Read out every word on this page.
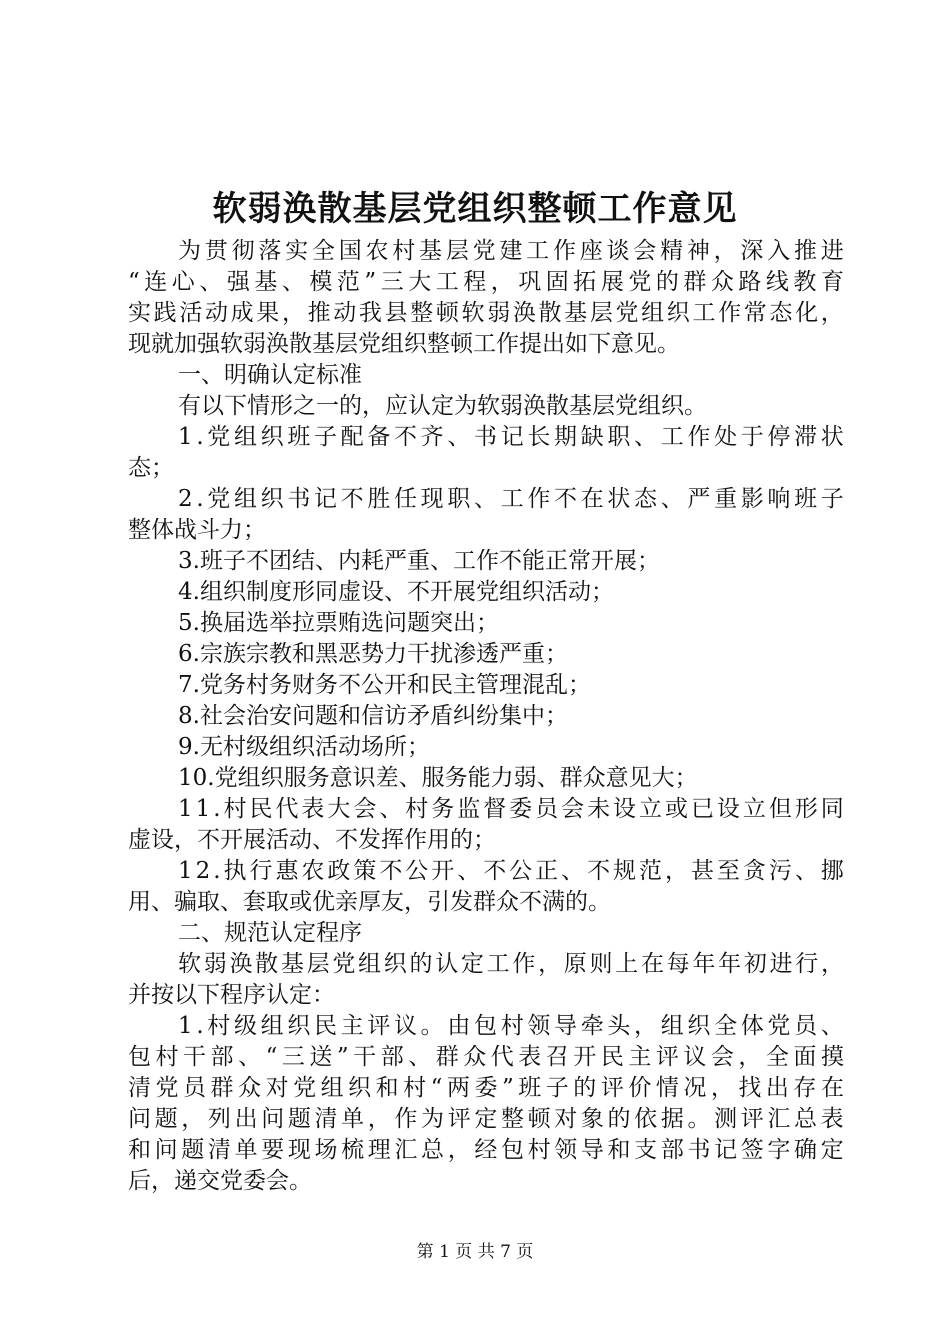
软弱涣散基层党组织整顿工作意见
为 贯 彻 落 实 全 国 农 村 基 层 党 建 工 作 座 谈 会 精 神 ， 深 入 推 进
“ 连 心 、 强 基 、 模 范 ” 三 大 工 程 ， 巩 固 拓 展 党 的 群 众 路 线 教 育
实 践 活 动 成 果 ， 推 动 我 县 整 顿 软 弱 涣 散 基 层 党 组 织 工 作 常 态 化 ，
现就加强软弱涣散基层党组织整顿工作提出如下意见。
一、明确认定标准
有以下情形之一的，应认定为软弱涣散基层党组织。
1 . 党 组 织 班 子 配 备 不 齐 、 书 记 长 期 缺 职 、 工 作 处 于 停 滞 状
态；
2 . 党 组 织 书 记 不 胜 任 现 职 、 工 作 不 在 状 态 、 严 重 影 响 班 子
整体战斗力；
3.班子不团结、内耗严重、工作不能正常开展；
4.组织制度形同虚设、不开展党组织活动；
5.换届选举拉票贿选问题突出；
6.宗族宗教和黑恶势力干扰渗透严重；
7.党务村务财务不公开和民主管理混乱；
8.社会治安问题和信访矛盾纠纷集中；
9.无村级组织活动场所；
10.党组织服务意识差、服务能力弱、群众意见大；
1 1 . 村 民 代 表 大 会 、 村 务 监 督 委 员 会 未 设 立 或 已 设 立 但 形 同
虚设，不开展活动、不发挥作用的；
1 2 . 执 行 惠 农 政 策 不 公 开 、 不 公 正 、 不 规 范 ， 甚 至 贪 污 、 挪
用、骗取、套取或优亲厚友，引发群众不满的。
二、规范认定程序
软 弱 涣 散 基 层 党 组 织 的 认 定 工 作 ， 原 则 上 在 每 年 年 初 进 行 ，
并按以下程序认定：
1 . 村 级 组 织 民 主 评 议 。 由 包 村 领 导 牵 头 ， 组 织 全 体 党 员 、
包 村 干 部 、 “ 三 送 ” 干 部 、 群 众 代 表 召 开 民 主 评 议 会 ， 全 面 摸
清 党 员 群 众 对 党 组 织 和 村 “ 两 委 ” 班 子 的 评 价 情 况 ， 找 出 存 在
问 题 ， 列 出 问 题 清 单 ， 作 为 评 定 整 顿 对 象 的 依 据 。 测 评 汇 总 表
和 问 题 清 单 要 现 场 梳 理 汇 总 ， 经 包 村 领 导 和 支 部 书 记 签 字 确 定
后，递交党委会。
第 1 页 共 7 页
